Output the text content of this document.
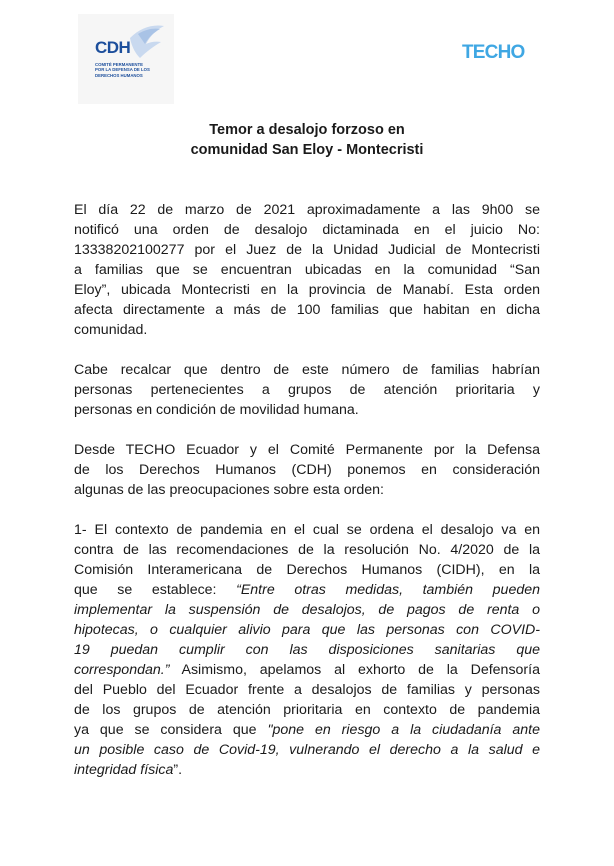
CDH
COMITÉ PERMANENTE
POR LA DEFENSA DE LOS
DERECHOS HUMANOS
TECHO
Temor a desalojo forzoso en
comunidad San Eloy - Montecristi
El día 22 de marzo de 2021 aproximadamente a las 9h00 se
notificó una orden de desalojo dictaminada en el juicio No:
13338202100277 por el Juez de la Unidad Judicial de Montecristi
a familias que se encuentran ubicadas en la comunidad “San
Eloy”, ubicada Montecristi en la provincia de Manabí. Esta orden
afecta directamente a más de 100 familias que habitan en dicha
comunidad.
Cabe recalcar que dentro de este número de familias habrían
personas pertenecientes a grupos de atención prioritaria y
personas en condición de movilidad humana.
Desde TECHO Ecuador y el Comité Permanente por la Defensa
de los Derechos Humanos (CDH) ponemos en consideración
algunas de las preocupaciones sobre esta orden:
1- El contexto de pandemia en el cual se ordena el desalojo va en
contra de las recomendaciones de la resolución No. 4/2020 de la
Comisión Interamericana de Derechos Humanos (CIDH), en la
que se establece: “Entre otras medidas, también pueden
implementar la suspensión de desalojos, de pagos de renta o
hipotecas, o cualquier alivio para que las personas con COVID-
19 puedan cumplir con las disposiciones sanitarias que
correspondan.” Asimismo, apelamos al exhorto de la Defensoría
del Pueblo del Ecuador frente a desalojos de familias y personas
de los grupos de atención prioritaria en contexto de pandemia
ya que se considera que "pone en riesgo a la ciudadanía ante
un posible caso de Covid-19, vulnerando el derecho a la salud e
integridad física”.
